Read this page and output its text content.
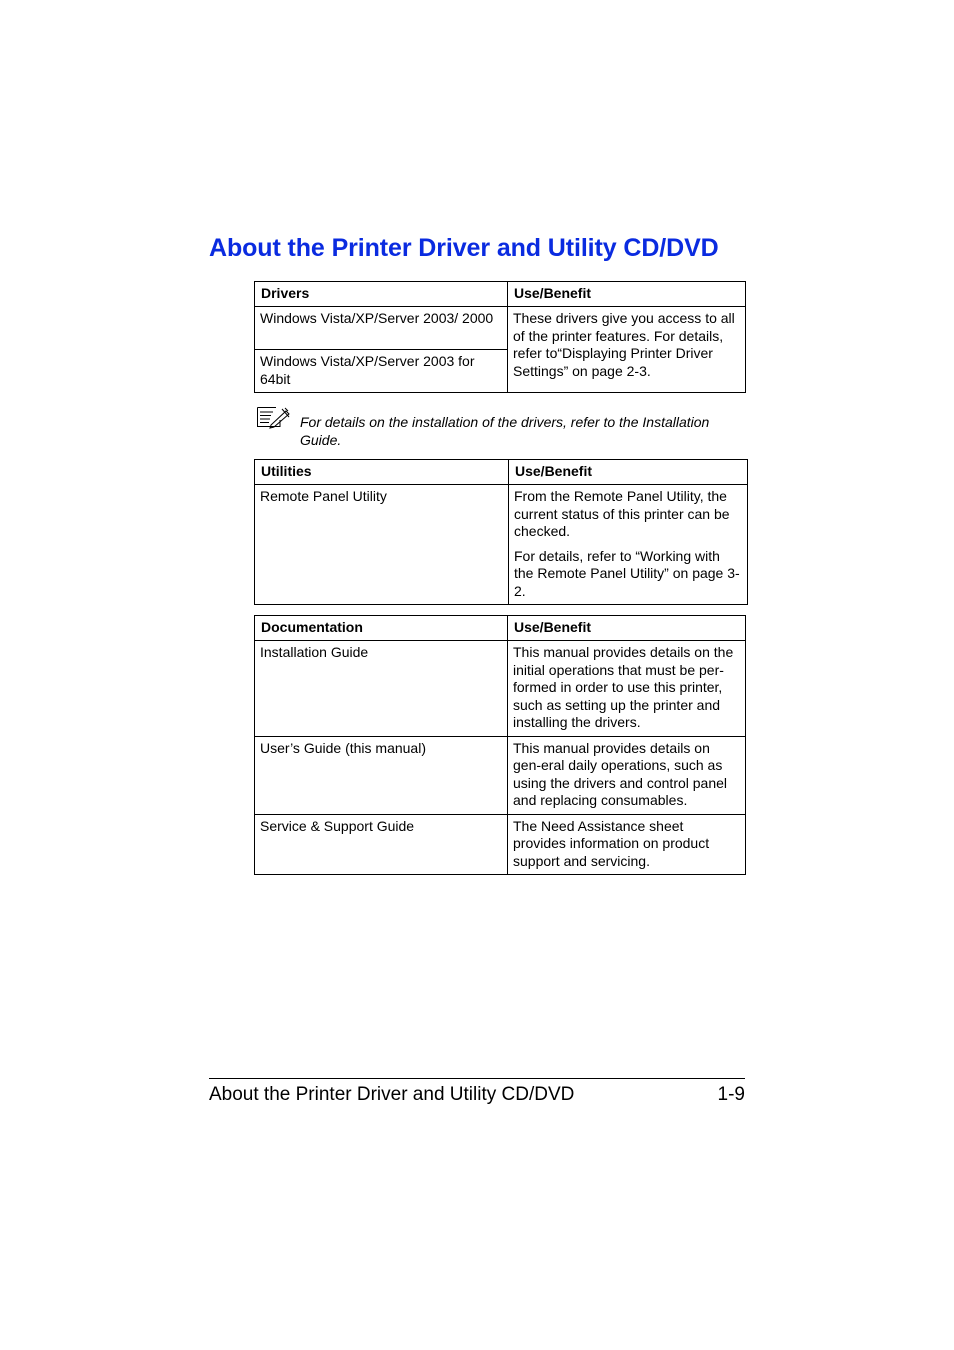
About the Printer Driver and Utility CD/DVD
Drivers	Use/Benefit
Windows Vista/XP/Server 2003/ 2000	These drivers give you access to all of the printer features. For details, refer to“Displaying Printer Driver Settings” on page 2-3.
Windows Vista/XP/Server 2003 for 64bit	

For details on the installation of the drivers, refer to the Installation Guide.

Utilities	Use/Benefit
Remote Panel Utility	From the Remote Panel Utility, the current status of this printer can be checked.

For details, refer to “Working with the Remote Panel Utility” on page 3-2.

Documentation	Use/Benefit
Installation Guide	This manual provides details on the initial operations that must be per-formed in order to use this printer, such as setting up the printer and installing the drivers.
User’s Guide (this manual)	This manual provides details on gen-eral daily operations, such as using the drivers and control panel and replacing consumables.
Service & Support Guide	The Need Assistance sheet provides information on product support and servicing.
About the Printer Driver and Utility CD/DVD	1-9
